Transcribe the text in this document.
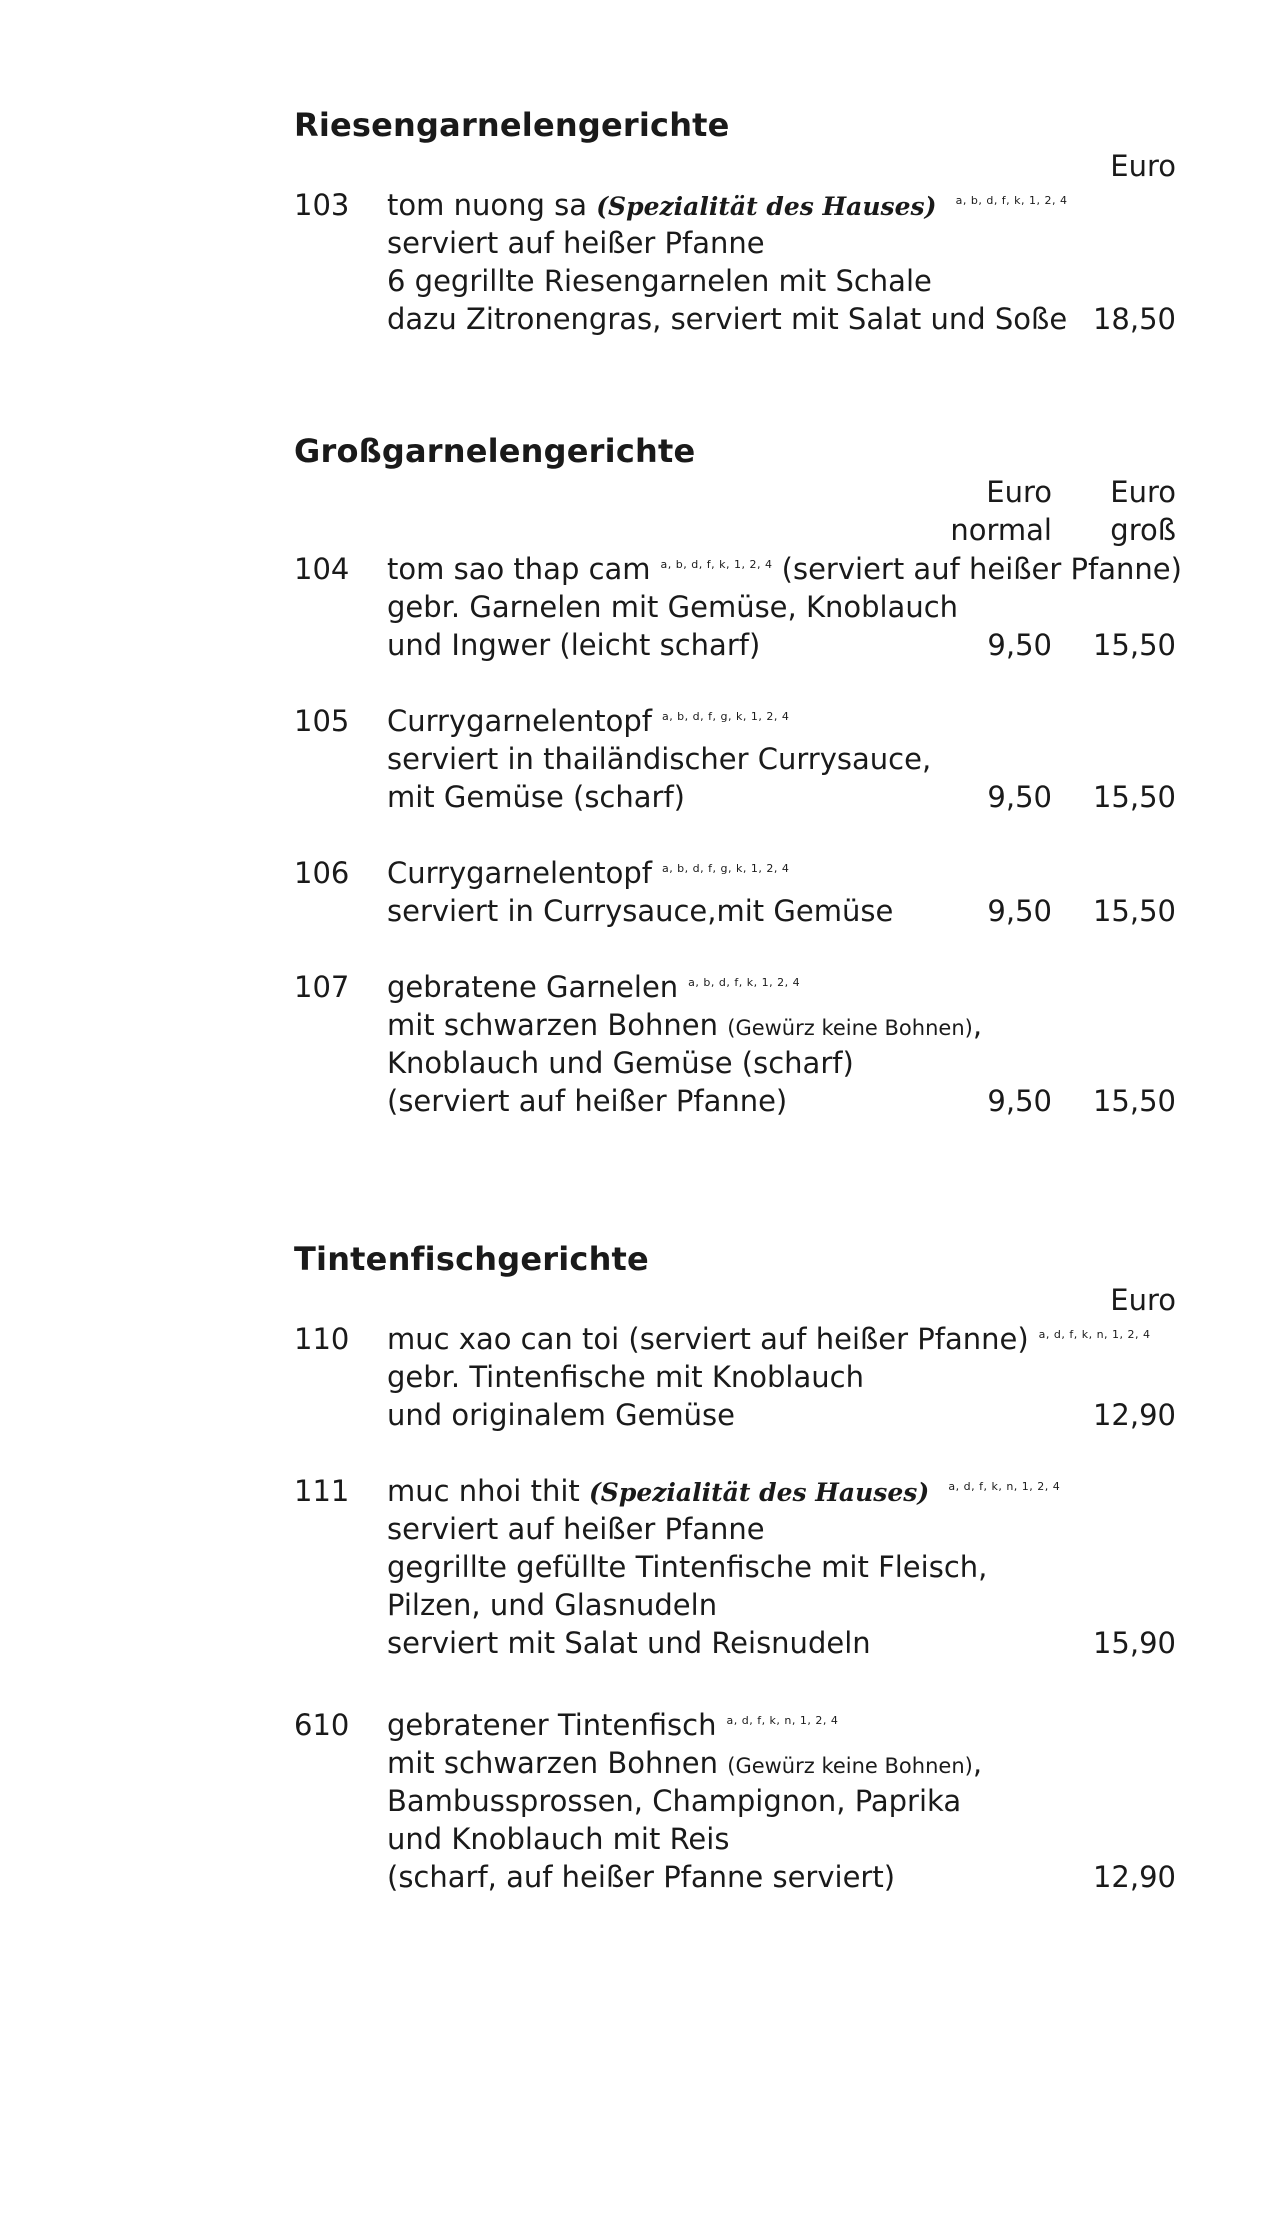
Riesengarnelengerichte
Euro
103 tom nuong sa (Spezialität des Hauses) $^{a, b, d, f, k, 1, 2, 4}$
serviert auf heißer Pfanne
6 gegrillte Riesengarnelen mit Schale
dazu Zitronengras, serviert mit Salat und Soße 18,50
Großgarnelengerichte
Euro Euro
normal groß
104 tom sao thap cam $^{a, b, d, f, k, 1, 2, 4}$ (serviert auf heißer Pfanne)
gebr. Garnelen mit Gemüse, Knoblauch
und Ingwer (leicht scharf)	9,50 15,50
105 Currygarnelentopf $^{a, b, d, f, g, k, 1, 2, 4}$
serviert in thailändischer Currysauce,
mit Gemüse (scharf)	9,50 15,50
106 Currygarnelentopf $^{a, b, d, f, g, k, 1, 2, 4}$
serviert in Currysauce,mit Gemüse	9,50 15,50
107 gebratene Garnelen $^{a, b, d, f, k, 1, 2, 4}$
mit schwarzen Bohnen (Gewürz keine Bohnen),
Knoblauch und Gemüse (scharf)
(serviert auf heißer Pfanne)	9,50 15,50
Tintenfischgerichte
Euro
110 muc xao can toi (serviert auf heißer Pfanne) $^{a, d, f, k, n, 1, 2, 4}$
gebr. Tintenfische mit Knoblauch
und originalem Gemüse	12,90
111 muc nhoi thit (Spezialität des Hauses) $^{a, d, f, k, n, 1, 2, 4}$
serviert auf heißer Pfanne
gegrillte gefüllte Tintenfische mit Fleisch,
Pilzen, und Glasnudeln
serviert mit Salat und Reisnudeln	15,90
610 gebratener Tintenfisch $^{a, d, f, k, n, 1, 2, 4}$
mit schwarzen Bohnen (Gewürz keine Bohnen),
Bambussprossen, Champignon, Paprika
und Knoblauch mit Reis
(scharf, auf heißer Pfanne serviert)	12,90
